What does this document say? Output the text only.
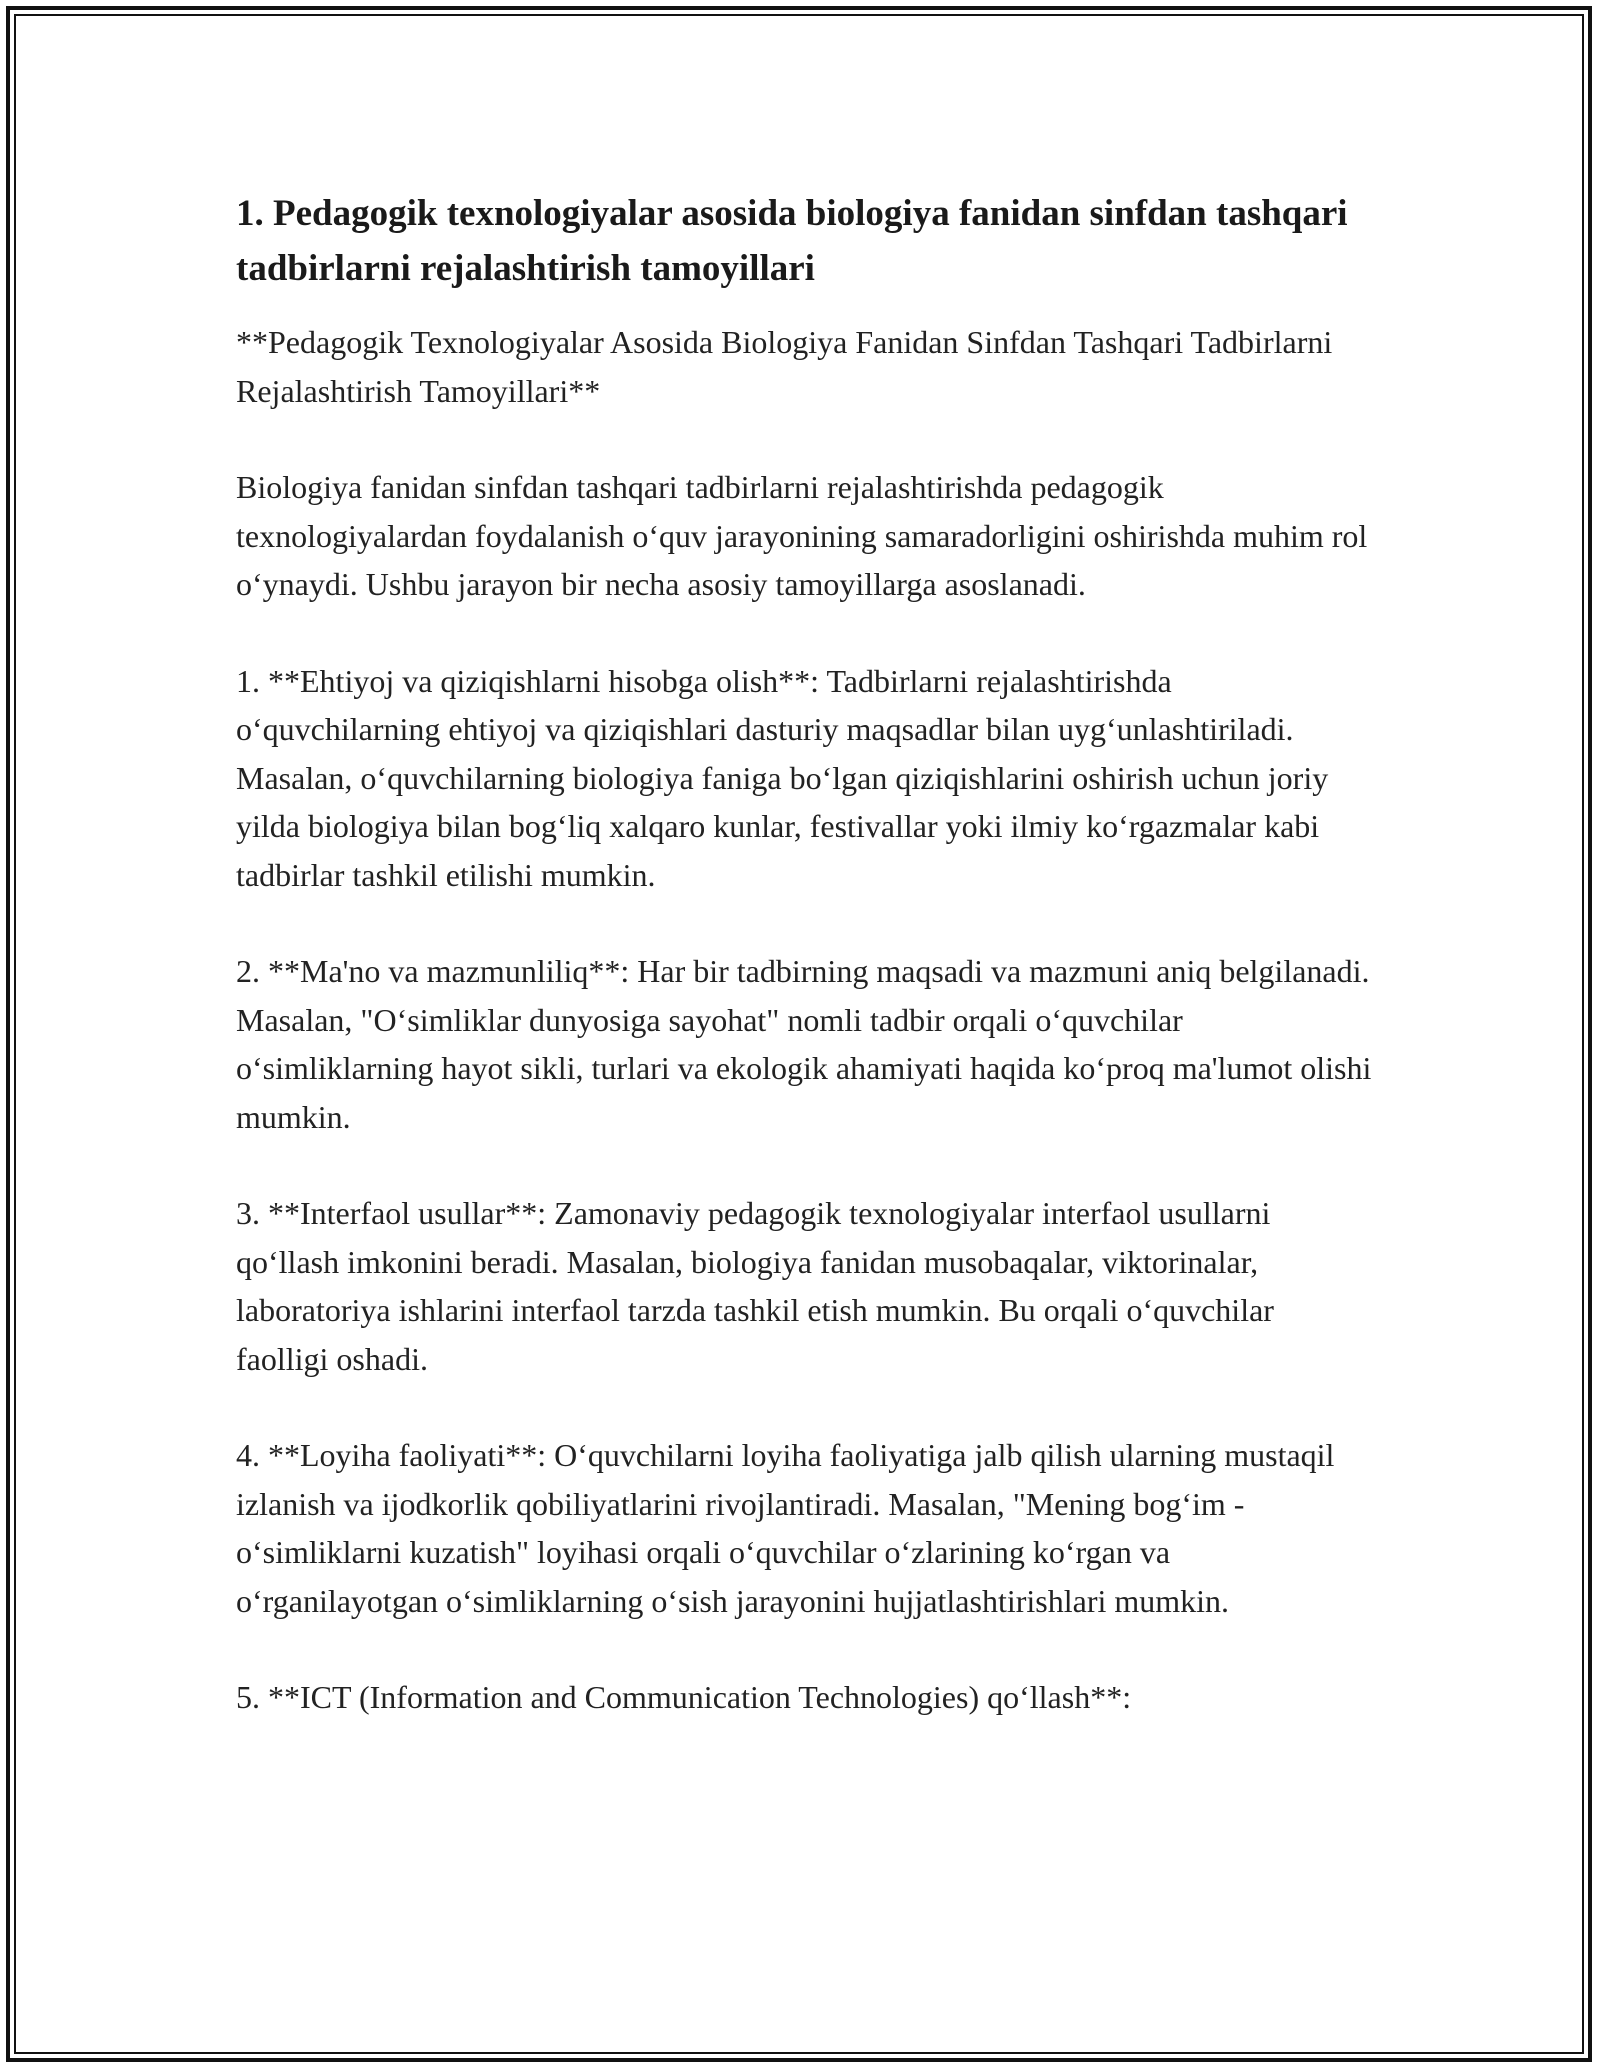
1. Pedagogik texnologiyalar asosida biologiya fanidan sinfdan tashqari tadbirlarni rejalashtirish tamoyillari

**Pedagogik Texnologiyalar Asosida Biologiya Fanidan Sinfdan Tashqari Tadbirlarni Rejalashtirish Tamoyillari**

Biologiya fanidan sinfdan tashqari tadbirlarni rejalashtirishda pedagogik texnologiyalardan foydalanish o‘quv jarayonining samaradorligini oshirishda muhim rol o‘ynaydi. Ushbu jarayon bir necha asosiy tamoyillarga asoslanadi.

1. **Ehtiyoj va qiziqishlarni hisobga olish**: Tadbirlarni rejalashtirishda o‘quvchilarning ehtiyoj va qiziqishlari dasturiy maqsadlar bilan uyg‘unlashtiriladi. Masalan, o‘quvchilarning biologiya faniga bo‘lgan qiziqishlarini oshirish uchun joriy yilda biologiya bilan bog‘liq xalqaro kunlar, festivallar yoki ilmiy ko‘rgazmalar kabi tadbirlar tashkil etilishi mumkin.

2. **Ma'no va mazmunliliq**: Har bir tadbirning maqsadi va mazmuni aniq belgilanadi. Masalan, "O‘simliklar dunyosiga sayohat" nomli tadbir orqali o‘quvchilar o‘simliklarning hayot sikli, turlari va ekologik ahamiyati haqida ko‘proq ma'lumot olishi mumkin.

3. **Interfaol usullar**: Zamonaviy pedagogik texnologiyalar interfaol usullarni qo‘llash imkonini beradi. Masalan, biologiya fanidan musobaqalar, viktorinalar, laboratoriya ishlarini interfaol tarzda tashkil etish mumkin. Bu orqali o‘quvchilar faolligi oshadi.

4. **Loyiha faoliyati**: O‘quvchilarni loyiha faoliyatiga jalb qilish ularning mustaqil izlanish va ijodkorlik qobiliyatlarini rivojlantiradi. Masalan, "Mening bog‘im - o‘simliklarni kuzatish" loyihasi orqali o‘quvchilar o‘zlarining ko‘rgan va o‘rganilayotgan o‘simliklarning o‘sish jarayonini hujjatlashtirishlari mumkin.

5. **ICT (Information and Communication Technologies) qo‘llash**:
